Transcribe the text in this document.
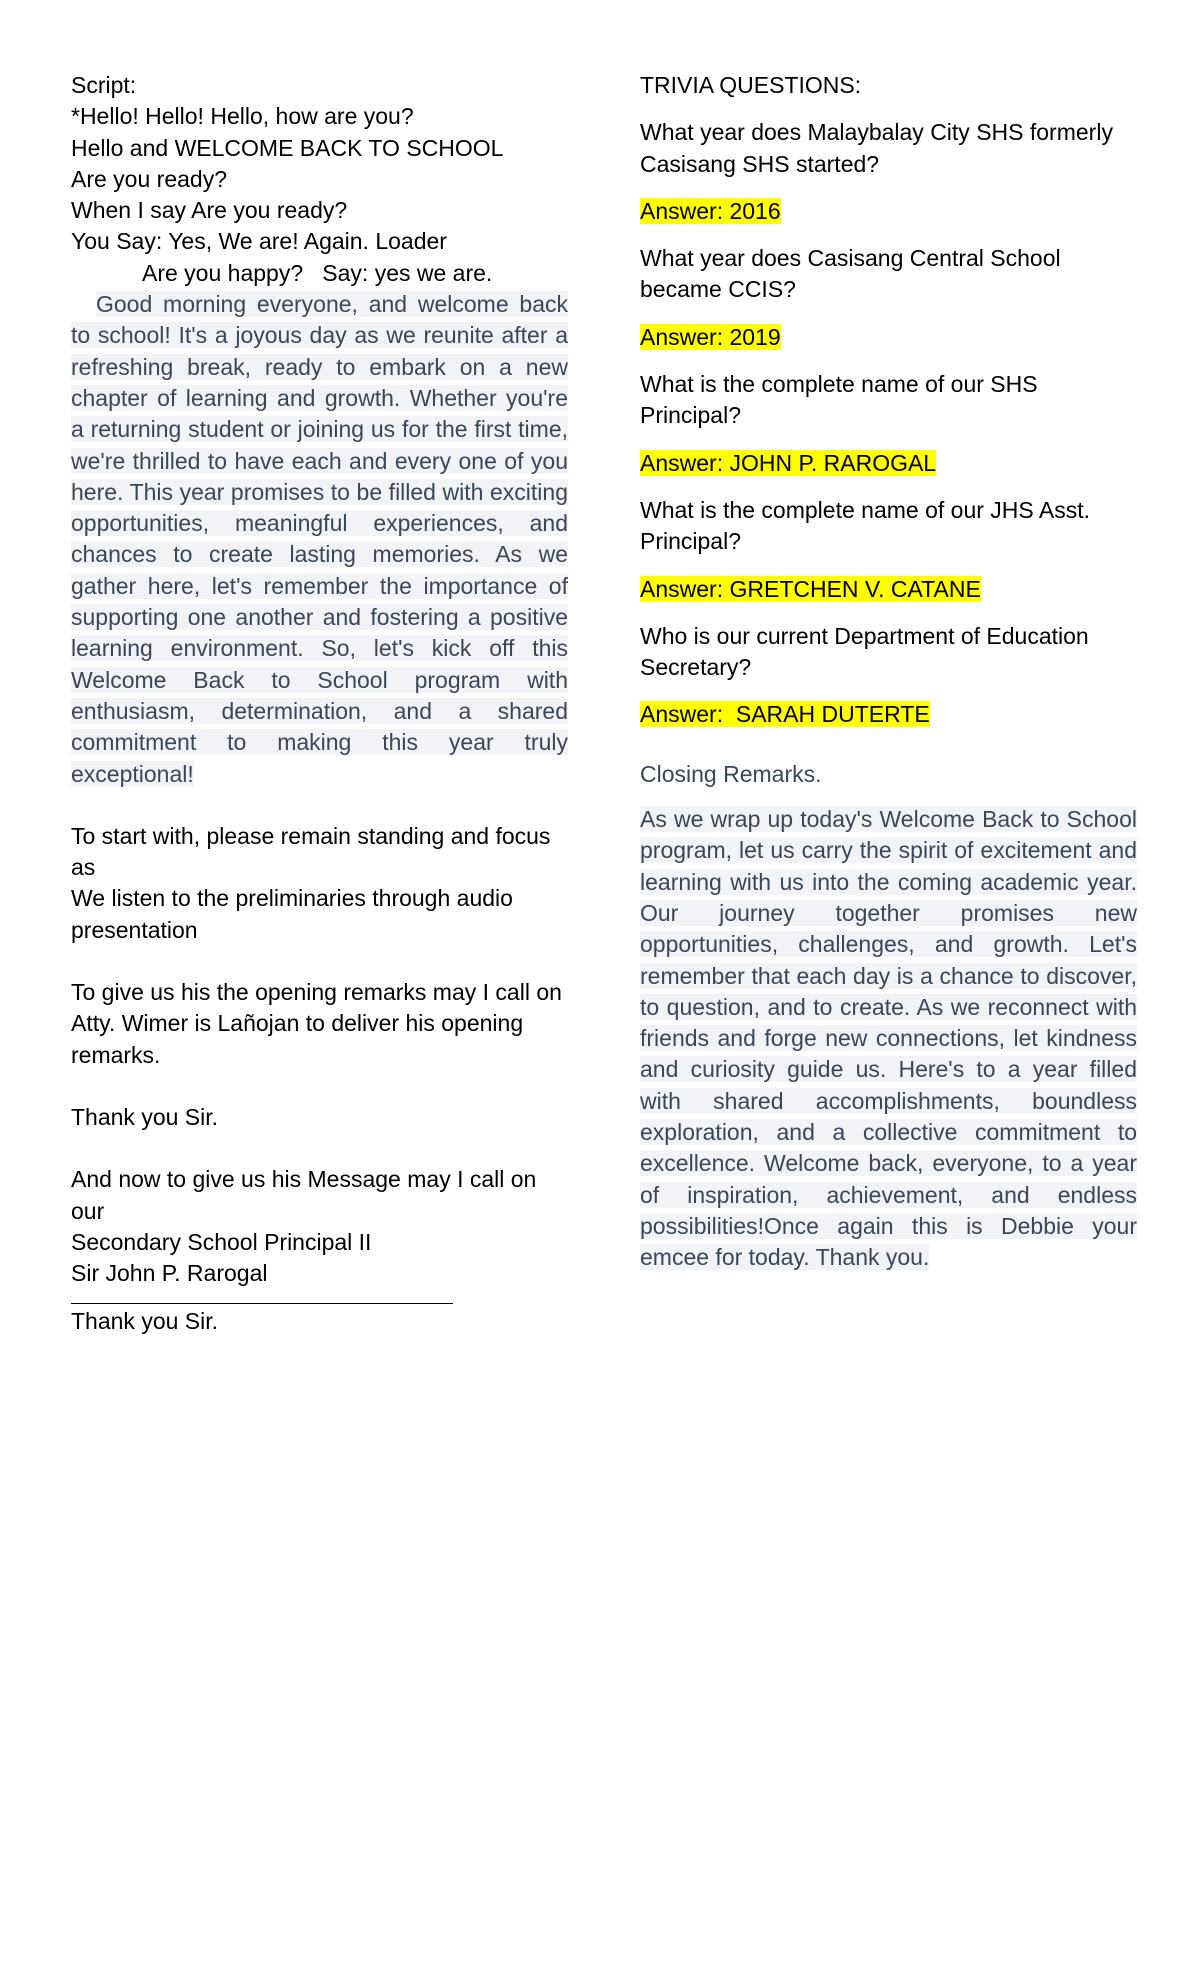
Script:
*Hello! Hello! Hello, how are you?
Hello and WELCOME BACK TO SCHOOL
Are you ready?
When I say Are you ready?
You Say: Yes, We are! Again. Loader
Are you happy?   Say: yes we are.

Good morning everyone, and welcome back to school! It's a joyous day as we reunite after a refreshing break, ready to embark on a new chapter of learning and growth. Whether you're a returning student or joining us for the first time, we're thrilled to have each and every one of you here. This year promises to be filled with exciting opportunities, meaningful experiences, and chances to create lasting memories. As we gather here, let's remember the importance of supporting one another and fostering a positive learning environment. So, let's kick off this Welcome Back to School program with enthusiasm, determination, and a shared commitment to making this year truly exceptional!

To start with, please remain standing and focus as

We listen to the preliminaries through audio presentation

To give us his the opening remarks may I call on

Atty. Wimer is Lañojan to deliver his opening remarks.

Thank you Sir.

And now to give us his Message may I call on our

Secondary School Principal II

Sir John P. Rarogal

Thank you Sir.

TRIVIA QUESTIONS:

What year does Malaybalay City SHS formerly Casisang SHS started?

Answer: 2016

What year does Casisang Central School became CCIS?

Answer: 2019

What is the complete name of our SHS Principal?

Answer: JOHN P. RAROGAL

What is the complete name of our JHS Asst. Principal?

Answer: GRETCHEN V. CATANE

Who is our current Department of Education Secretary?

Answer:  SARAH DUTERTE

Closing Remarks.

As we wrap up today's Welcome Back to School program, let us carry the spirit of excitement and learning with us into the coming academic year. Our journey together promises new opportunities, challenges, and growth. Let's remember that each day is a chance to discover, to question, and to create. As we reconnect with friends and forge new connections, let kindness and curiosity guide us. Here's to a year filled with shared accomplishments, boundless exploration, and a collective commitment to excellence. Welcome back, everyone, to a year of inspiration, achievement, and endless possibilities!Once again this is Debbie your emcee for today. Thank you.
